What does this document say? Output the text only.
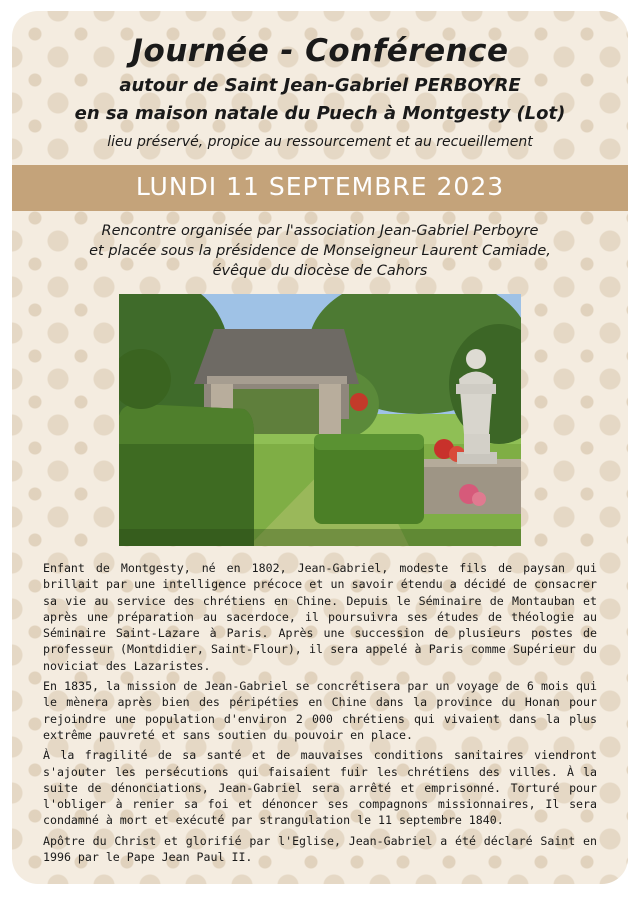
Journée - Conférence
autour de Saint Jean-Gabriel PERBOYRE
en sa maison natale du Puech à Montgesty (Lot)
lieu préservé, propice au ressourcement et au recueillement
LUNDI 11 SEPTEMBRE 2023
Rencontre organisée par l'association Jean-Gabriel Perboyre
et placée sous la présidence de Monseigneur Laurent Camiade,
évêque du diocèse de Cahors

Enfant de Montgesty, né en 1802, Jean-Gabriel, modeste fils de paysan qui brillait par une intelligence précoce et un savoir étendu a décidé de consacrer sa vie au service des chrétiens en Chine. Depuis le Séminaire de Montauban et après une préparation au sacerdoce, il poursuivra ses études de théologie au Séminaire Saint-Lazare à Paris. Après une succession de plusieurs postes de professeur (Montdidier, Saint-Flour), il sera appelé à Paris comme Supérieur du noviciat des Lazaristes.

En 1835, la mission de Jean-Gabriel se concrétisera par un voyage de 6 mois qui le mènera après bien des péripéties en Chine dans la province du Honan pour rejoindre une population d'environ 2 000 chrétiens qui vivaient dans la plus extrême pauvreté et sans soutien du pouvoir en place.

À la fragilité de sa santé et de mauvaises conditions sanitaires viendront s'ajouter les persécutions qui faisaient fuir les chrétiens des villes. À la suite de dénonciations, Jean-Gabriel sera arrêté et emprisonné. Torturé pour l'obliger à renier sa foi et dénoncer ses compagnons missionnaires, Il sera condamné à mort et exécuté par strangulation le 11 septembre 1840.

Apôtre du Christ et glorifié par l'Eglise, Jean-Gabriel a été déclaré Saint en 1996 par le Pape Jean Paul II.
